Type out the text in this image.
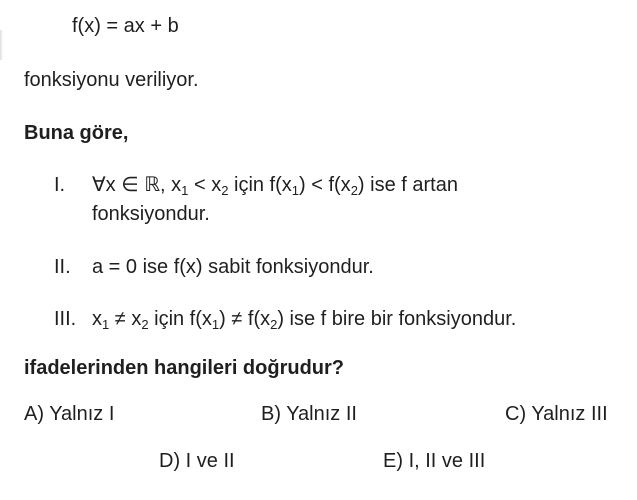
f(x) = ax + b
fonksiyonu veriliyor.
Buna göre,
I. ∀x ∈ ℝ, $x_1 < x_2$ için $f(x_1) < f(x_2)$ ise f artan
fonksiyondur.
II. a = 0 ise f(x) sabit fonksiyondur.
III. $x_1 \ne x_2$ için $f(x_1) \ne f(x_2)$ ise f bire bir fonksiyondur.
ifadelerinden hangileri doğrudur?
A) Yalnız I	B) Yalnız II	C) Yalnız III
D) I ve II	E) I, II ve III
